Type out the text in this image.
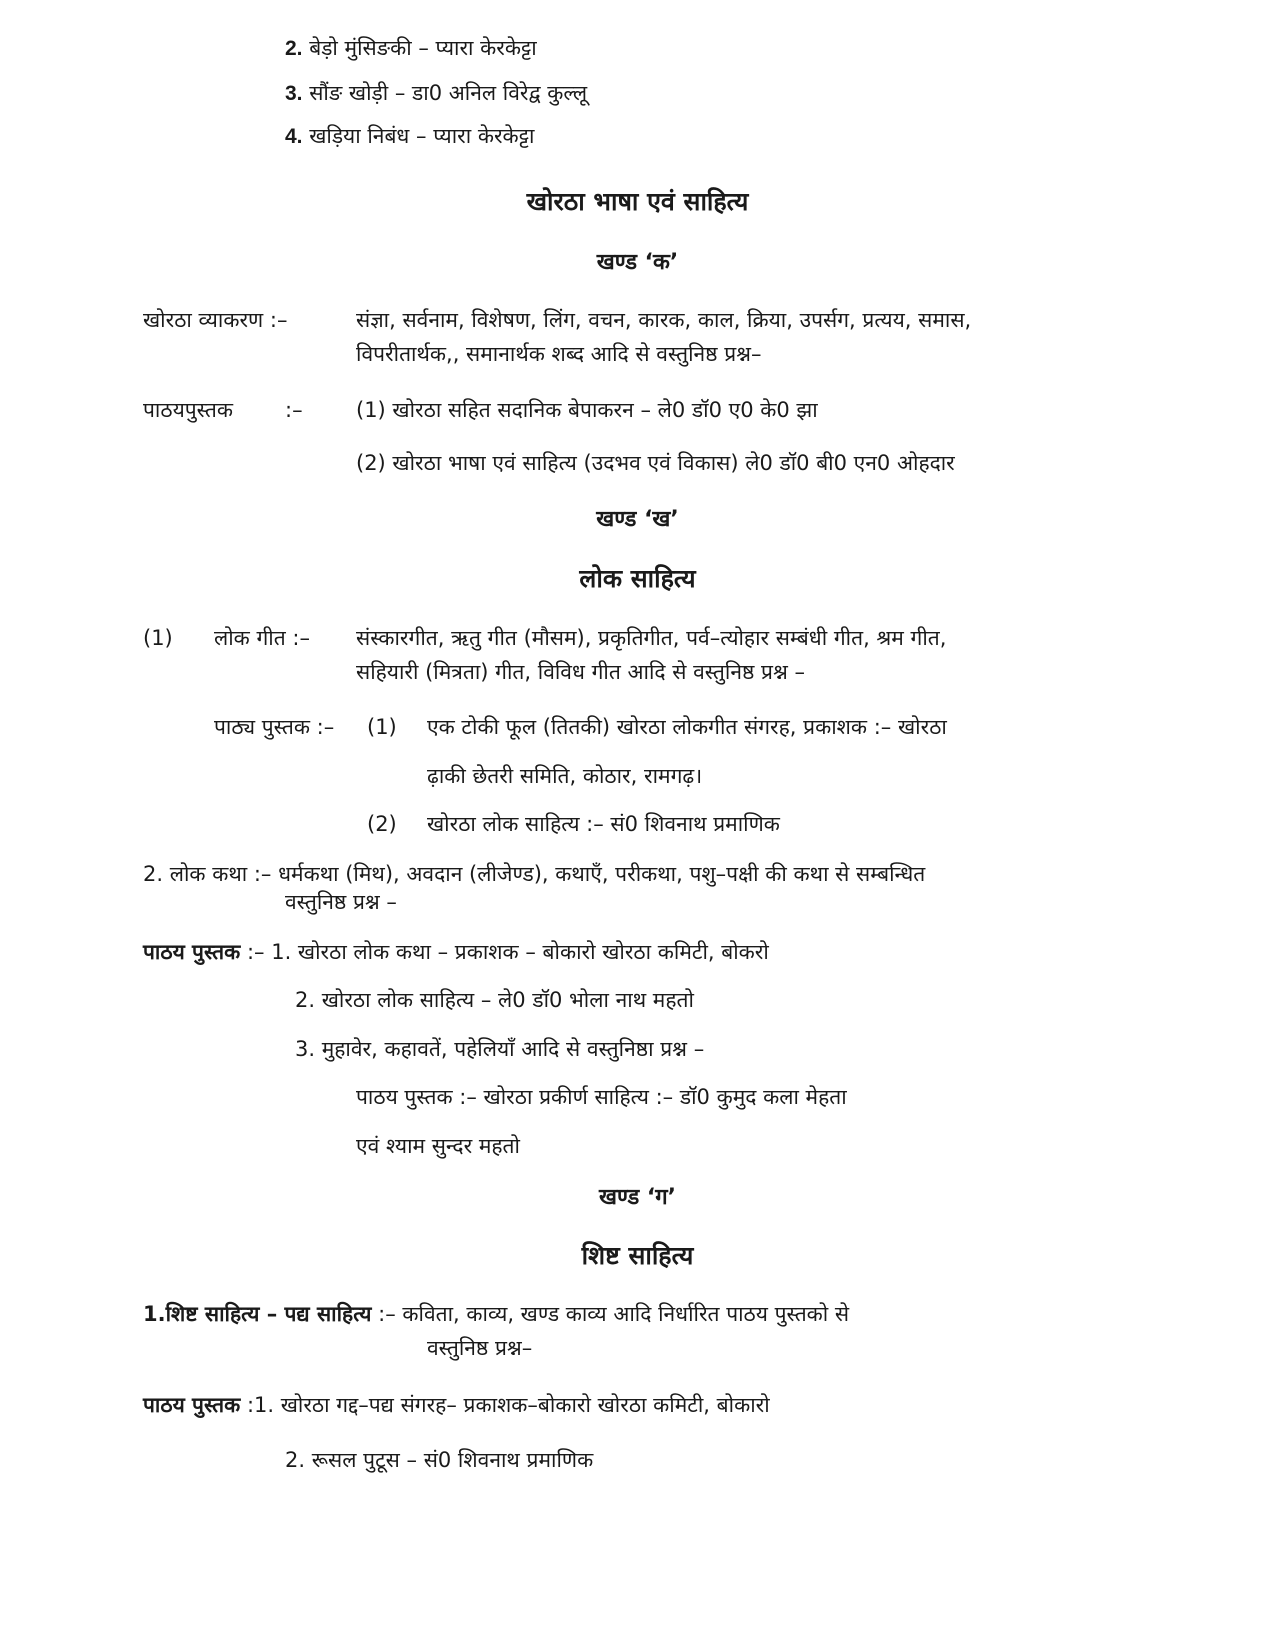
2. बेड़ो मुंसिङकी – प्यारा केरकेट्टा
3. सौंङ खोड़ी – डा0 अनिल विरेद्व कुल्लू
4. खड़िया निबंध – प्यारा केरकेट्टा
खोरठा भाषा एवं साहित्य
खण्ड ‘क’
खोरठा व्याकरण :–	संज्ञा, सर्वनाम, विशेषण, लिंग, वचन, कारक, काल, क्रिया, उपर्सग, प्रत्यय, समास,
विपरीतार्थक,, समानार्थक शब्द आदि से वस्तुनिष्ठ प्रश्न–
पाठयपुस्तक :–	(1) खोरठा सहित सदानिक बेपाकरन – ले0 डॉ0 ए0 के0 झा
(2) खोरठा भाषा एवं साहित्य (उदभव एवं विकास) ले0 डॉ0 बी0 एन0 ओहदार
खण्ड ‘ख’
लोक साहित्य
(1) लोक गीत :– संस्कारगीत, ऋतु गीत (मौसम), प्रकृतिगीत, पर्व–त्योहार सम्बंधी गीत, श्रम गीत,
सहियारी (मित्रता) गीत, विविध गीत आदि से वस्तुनिष्ठ प्रश्न –
पाठ्य पुस्तक :– (1) एक टोकी फूल (तितकी) खोरठा लोकगीत संगरह, प्रकाशक :– खोरठा
ढ़ाकी छेतरी समिति, कोठार, रामगढ़।
(2) खोरठा लोक साहित्य :– सं0 शिवनाथ प्रमाणिक
2. लोक कथा :– धर्मकथा (मिथ), अवदान (लीजेण्ड), कथाएँ, परीकथा, पशु–पक्षी की कथा से सम्बन्धित
वस्तुनिष्ठ प्रश्न –
पाठय पुस्तक :– 1. खोरठा लोक कथा – प्रकाशक – बोकारो खोरठा कमिटी, बोकरो
2. खोरठा लोक साहित्य – ले0 डॉ0 भोला नाथ महतो
3. मुहावेर, कहावतें, पहेलियाँ आदि से वस्तुनिष्ठा प्रश्न –
पाठय पुस्तक :– खोरठा प्रकीर्ण साहित्य :– डॉ0 कुमुद कला मेहता
एवं श्याम सुन्दर महतो
खण्ड ‘ग’
शिष्ट साहित्य
1.शिष्ट साहित्य – पद्य साहित्य :– कविता, काव्य, खण्ड काव्य आदि निर्धारित पाठय पुस्तको से
वस्तुनिष्ठ प्रश्न–
पाठय पुस्तक :1. खोरठा गद्द–पद्य संगरह– प्रकाशक–बोकारो खोरठा कमिटी, बोकारो
2. रूसल पुटूस – सं0 शिवनाथ प्रमाणिक
